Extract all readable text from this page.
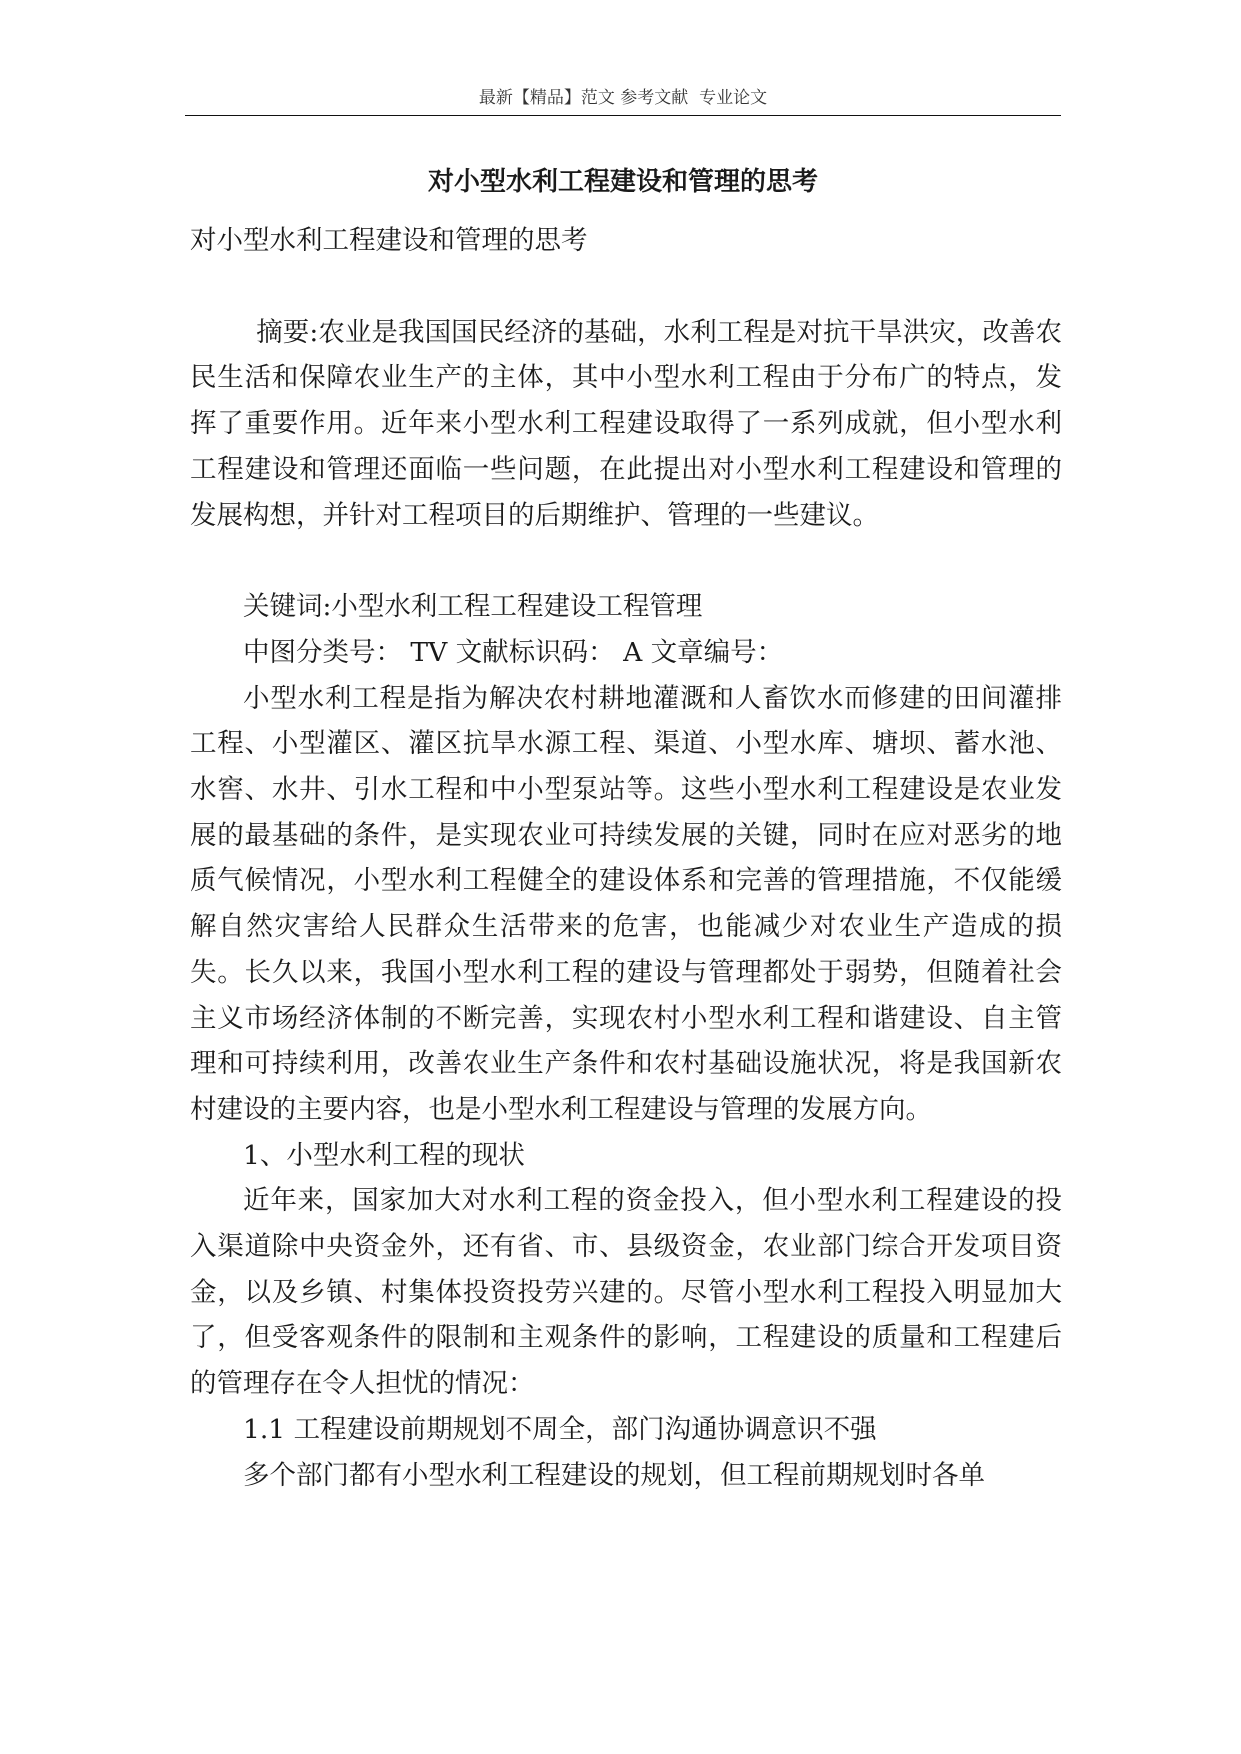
最新【精品】范文 参考文献  专业论文
对小型水利工程建设和管理的思考

对小型水利工程建设和管理的思考

摘要:农业是我国国民经济的基础，水利工程是对抗干旱洪灾，改善农民生活和保障农业生产的主体，其中小型水利工程由于分布广的特点，发挥了重要作用。近年来小型水利工程建设取得了一系列成就，但小型水利工程建设和管理还面临一些问题，在此提出对小型水利工程建设和管理的发展构想，并针对工程项目的后期维护、管理的一些建议。

关键词:小型水利工程工程建设工程管理

中图分类号： TV 文献标识码： A 文章编号：

小型水利工程是指为解决农村耕地灌溉和人畜饮水而修建的田间灌排工程、小型灌区、灌区抗旱水源工程、渠道、小型水库、塘坝、蓄水池、水窖、水井、引水工程和中小型泵站等。这些小型水利工程建设是农业发展的最基础的条件，是实现农业可持续发展的关键，同时在应对恶劣的地质气候情况，小型水利工程健全的建设体系和完善的管理措施，不仅能缓解自然灾害给人民群众生活带来的危害，也能减少对农业生产造成的损失。长久以来，我国小型水利工程的建设与管理都处于弱势，但随着社会主义市场经济体制的不断完善，实现农村小型水利工程和谐建设、自主管理和可持续利用，改善农业生产条件和农村基础设施状况，将是我国新农村建设的主要内容，也是小型水利工程建设与管理的发展方向。

1、小型水利工程的现状

近年来，国家加大对水利工程的资金投入，但小型水利工程建设的投入渠道除中央资金外，还有省、市、县级资金，农业部门综合开发项目资金，以及乡镇、村集体投资投劳兴建的。尽管小型水利工程投入明显加大了，但受客观条件的限制和主观条件的影响，工程建设的质量和工程建后的管理存在令人担忧的情况：

1.1 工程建设前期规划不周全，部门沟通协调意识不强

多个部门都有小型水利工程建设的规划，但工程前期规划时各单
